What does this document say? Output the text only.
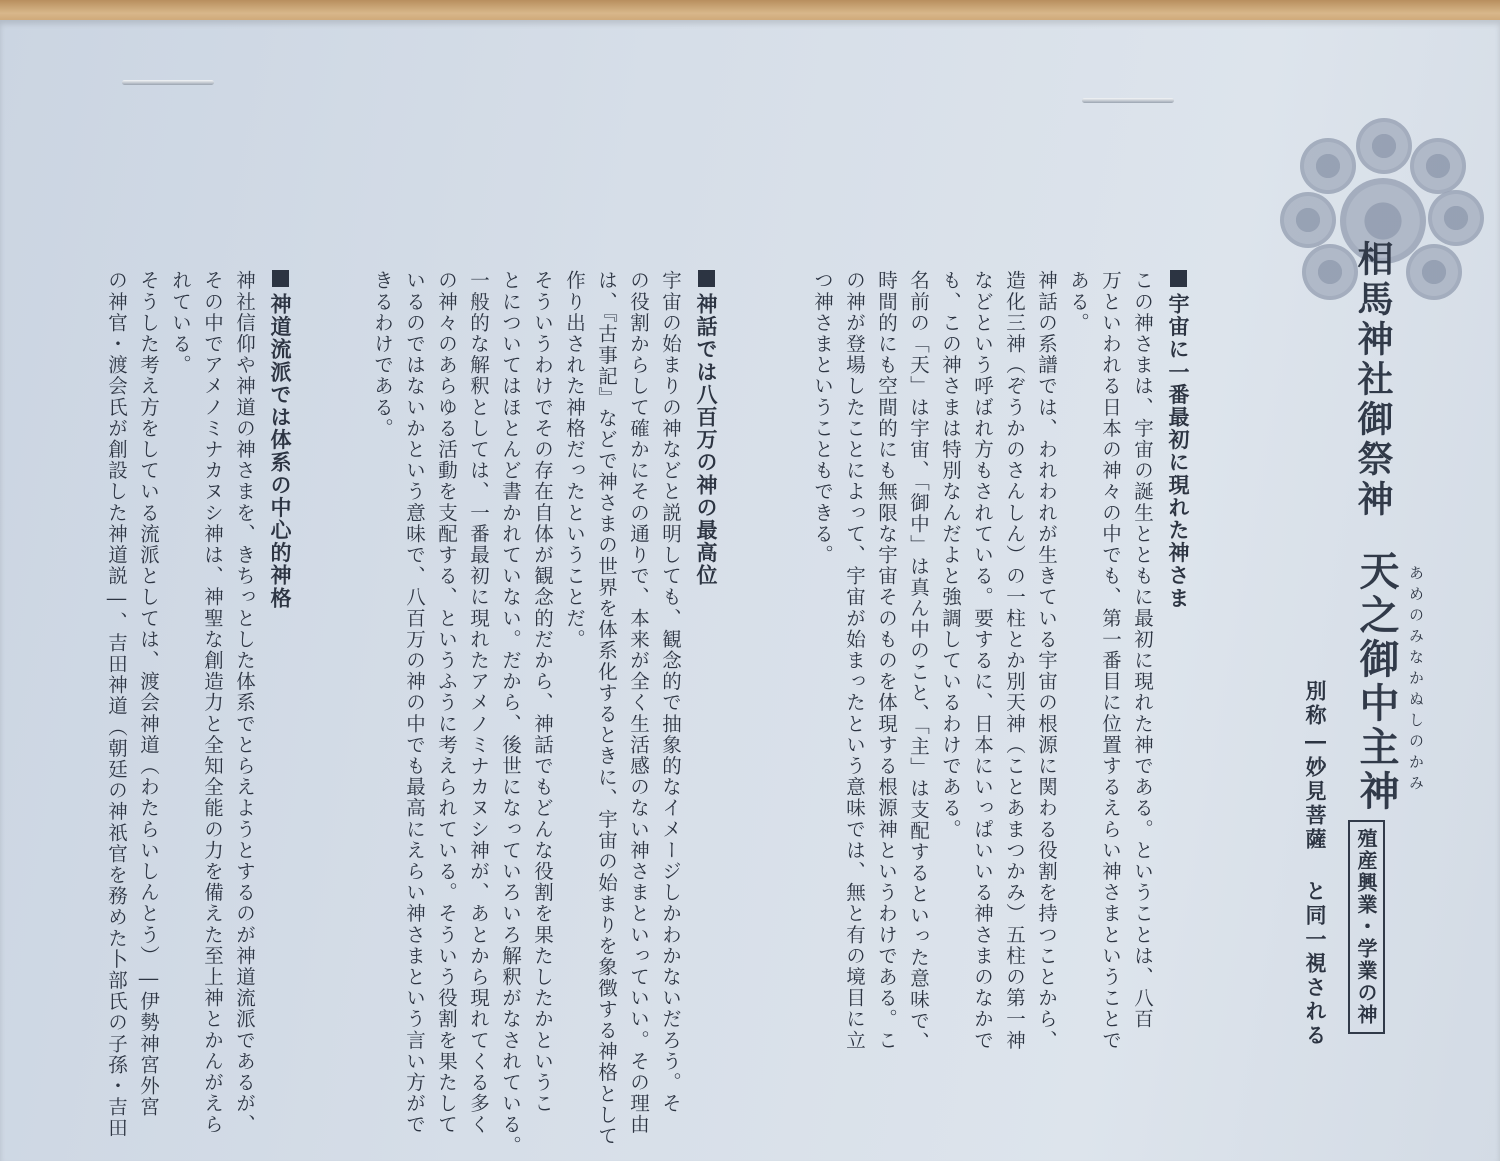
相馬神社御祭神
天之御中主神 あめのみなかぬしのかみ
別称―妙見菩薩
殖産興業・学業の神
と同一視される
宇宙に一番最初に現れた神さま
この神さまは、宇宙の誕生とともに最初に現れた神である。ということは、八百
万といわれる日本の神々の中でも、第一番目に位置するえらい神さまということで
ある。
神話の系譜では、われわれが生きている宇宙の根源に関わる役割を持つことから、
造化三神（ぞうかのさんしん）の一柱とか別天神（ことあまつかみ）五柱の第一神
などという呼ばれ方もされている。要するに、日本にいっぱいいる神さまのなかで
も、この神さまは特別なんだよと強調しているわけである。
名前の「天」は宇宙、「御中」は真ん中のこと、「主」は支配するといった意味で、
時間的にも空間的にも無限な宇宙そのものを体現する根源神というわけである。こ
の神が登場したことによって、宇宙が始まったという意味では、無と有の境目に立
つ神さまということもできる。
神話では八百万の神の最高位
宇宙の始まりの神などと説明しても、観念的で抽象的なイメージしかわかないだろう。そ
の役割からして確かにその通りで、本来が全く生活感のない神さまといっていい。その理由
は、『古事記』などで神さまの世界を体系化するときに、宇宙の始まりを象徴する神格として
作り出された神格だったということだ。
そういうわけでその存在自体が観念的だから、神話でもどんな役割を果たしたかというこ
とについてはほとんど書かれていない。だから、後世になっていろいろ解釈がなされている。
一般的な解釈としては、一番最初に現れたアメノミナカヌシ神が、あとから現れてくる多く
の神々のあらゆる活動を支配する、というふうに考えられている。そういう役割を果たして
いるのではないかという意味で、八百万の神の中でも最高にえらい神さまという言い方がで
きるわけである。
神道流派では体系の中心的神格
神社信仰や神道の神さまを、きちっとした体系でとらえようとするのが神道流派であるが、
その中でアメノミナカヌシ神は、神聖な創造力と全知全能の力を備えた至上神とかんがえら
れている。
そうした考え方をしている流派としては、渡会神道（わたらいしんとう）―伊勢神宮外宮
の神官・渡会氏が創設した神道説―、吉田神道（朝廷の神祇官を務めた卜部氏の子孫・吉田
